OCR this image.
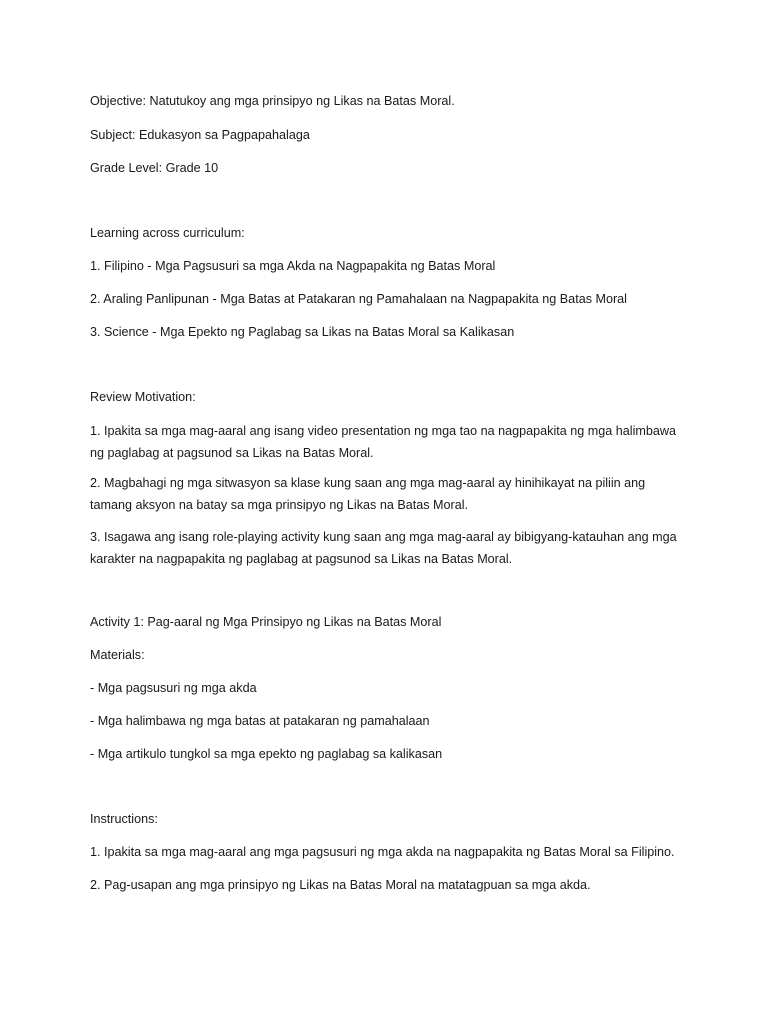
Objective: Natutukoy ang mga prinsipyo ng Likas na Batas Moral.
Subject: Edukasyon sa Pagpapahalaga
Grade Level: Grade 10
Learning across curriculum:
1. Filipino - Mga Pagsusuri sa mga Akda na Nagpapakita ng Batas Moral
2. Araling Panlipunan - Mga Batas at Patakaran ng Pamahalaan na Nagpapakita ng Batas Moral
3. Science - Mga Epekto ng Paglabag sa Likas na Batas Moral sa Kalikasan
Review Motivation:
1. Ipakita sa mga mag-aaral ang isang video presentation ng mga tao na nagpapakita ng mga halimbawa ng paglabag at pagsunod sa Likas na Batas Moral.
2. Magbahagi ng mga sitwasyon sa klase kung saan ang mga mag-aaral ay hinihikayat na piliin ang tamang aksyon na batay sa mga prinsipyo ng Likas na Batas Moral.
3. Isagawa ang isang role-playing activity kung saan ang mga mag-aaral ay bibigyang-katauhan ang mga karakter na nagpapakita ng paglabag at pagsunod sa Likas na Batas Moral.
Activity 1: Pag-aaral ng Mga Prinsipyo ng Likas na Batas Moral
Materials:
- Mga pagsusuri ng mga akda
- Mga halimbawa ng mga batas at patakaran ng pamahalaan
- Mga artikulo tungkol sa mga epekto ng paglabag sa kalikasan
Instructions:
1. Ipakita sa mga mag-aaral ang mga pagsusuri ng mga akda na nagpapakita ng Batas Moral sa Filipino.
2. Pag-usapan ang mga prinsipyo ng Likas na Batas Moral na matatagpuan sa mga akda.
